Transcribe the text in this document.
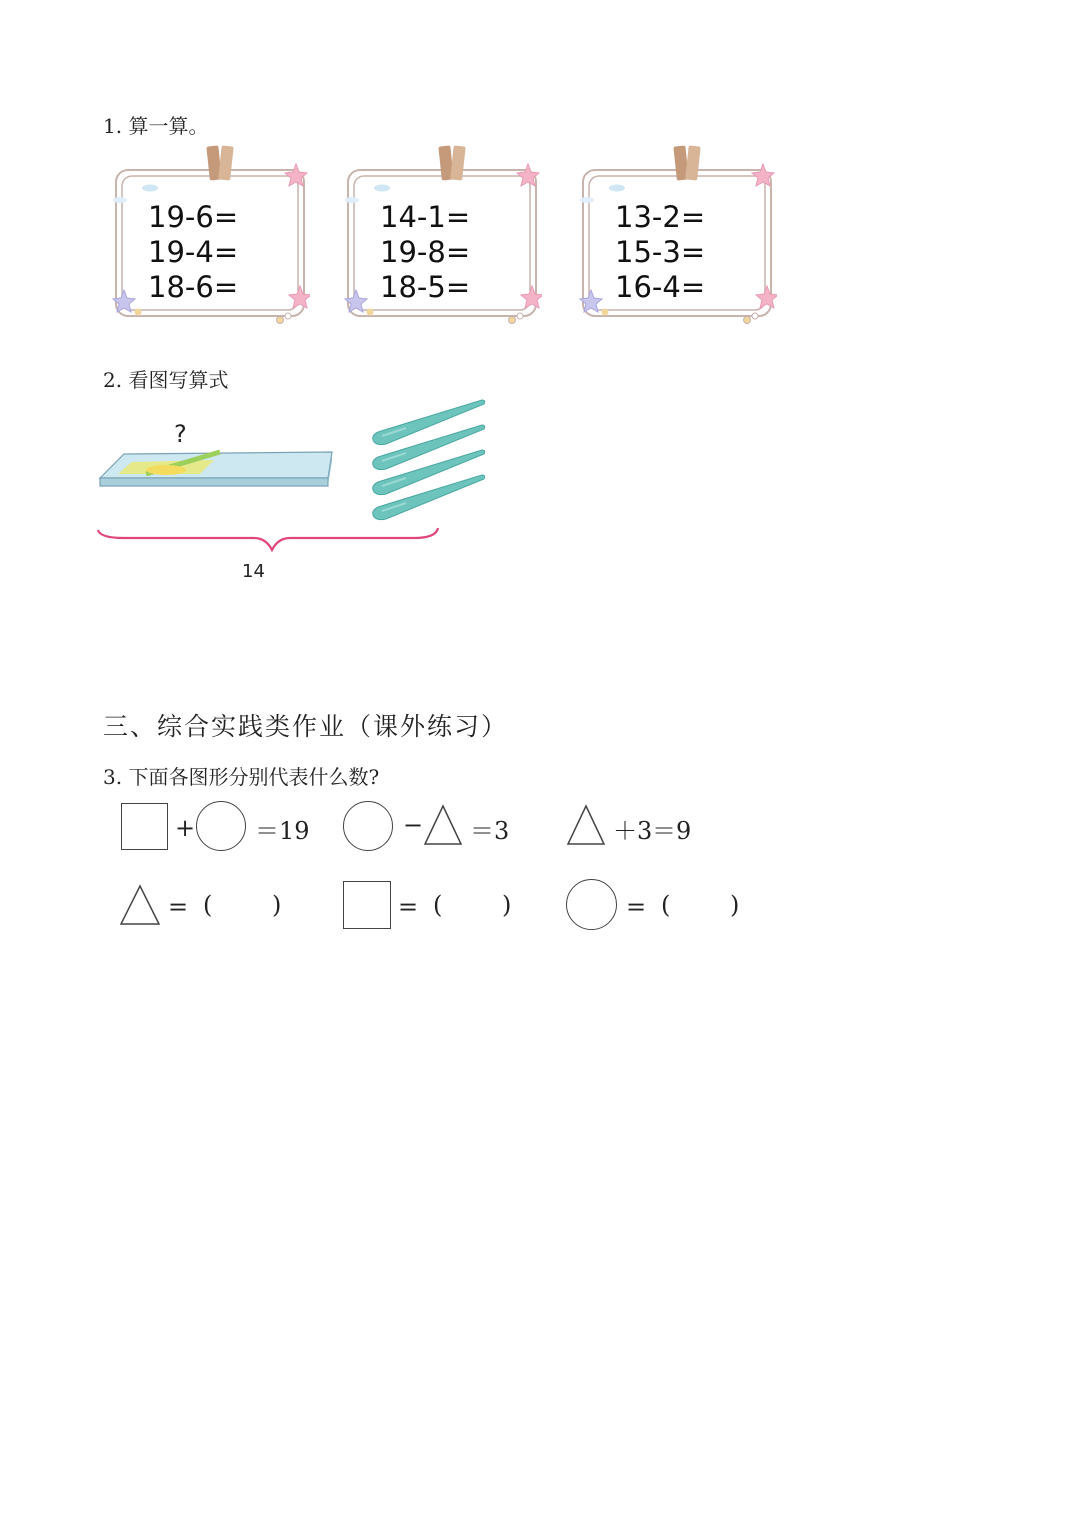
1. 算一算。
19-6=
19-4=
18-6=
14-1=
19-8=
18-5=
13-2=
15-3=
16-4=
2. 看图写算式
?
14
三、综合实践类作业（课外练习）
3. 下面各图形分别代表什么数?
+ ＝19	− ＝3	＋3 ＝9
= ( )	= ( )	= ( )
